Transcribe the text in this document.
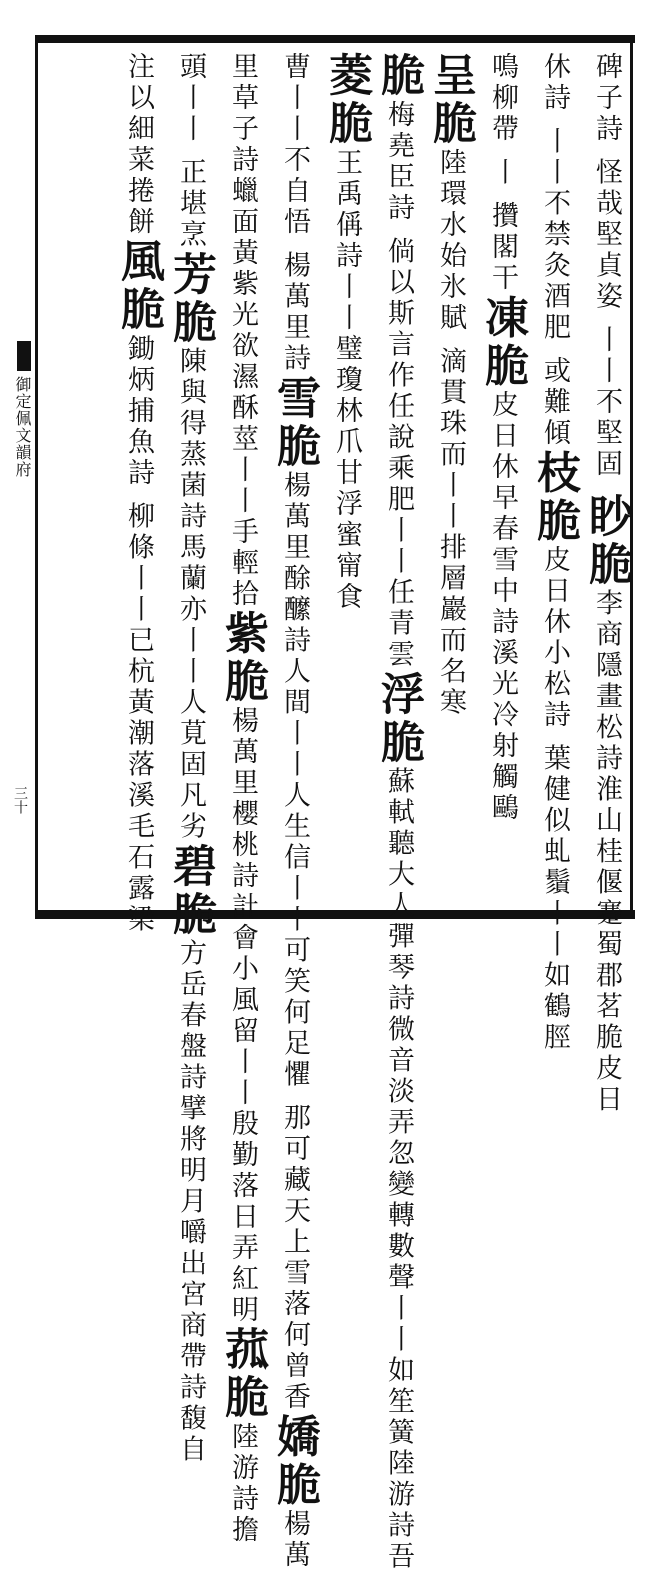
御定佩文韻府
三十
碑子詩 怪哉堅貞姿 丨丨不堅固 眇脆李商隱畫松詩淮山桂偃蹇蜀郡茗脆皮日
休詩 丨丨不禁灸酒肥 或難傾枝脆皮日休小松詩 葉健似虬鬚丨丨如鶴脛
鳴柳帶 丨 攢閣干凍脆皮日休早春雪中詩溪光冷射觸鷗
呈脆陸環水始氷賦 滴貫珠而丨丨排層巖而名寒
脆梅堯臣詩 倘以斯言作任說乘肥丨丨任青雲浮脆蘇軾聽大人彈琴詩微音淡弄忽變轉數聲丨丨如笙簧陸游詩吾
菱脆王禹偁詩丨丨璧瓊林爪甘浮蜜甯食
曹丨丨不自悟 楊萬里詩雪脆楊萬里酴醿詩人間丨丨人生信丨丨可笑何足懼 那可藏天上雪落何曾香嬌脆楊萬
里草子詩蠟面黃紫光欲濕酥莖丨丨手輕拾紫脆楊萬里櫻桃詩計會小風留丨丨殷勤落日弄紅明菰脆陸游詩擔
頭丨丨 正堪烹芳脆陳與得蒸菌詩馬蘭亦丨丨人莧固凡劣碧脆方岳春盤詩擘將明月嚼出宮商帶詩馥自
注以細菜捲餅風脆鋤炳捕魚詩 柳條丨丨已杭黃潮落溪毛石露梁
